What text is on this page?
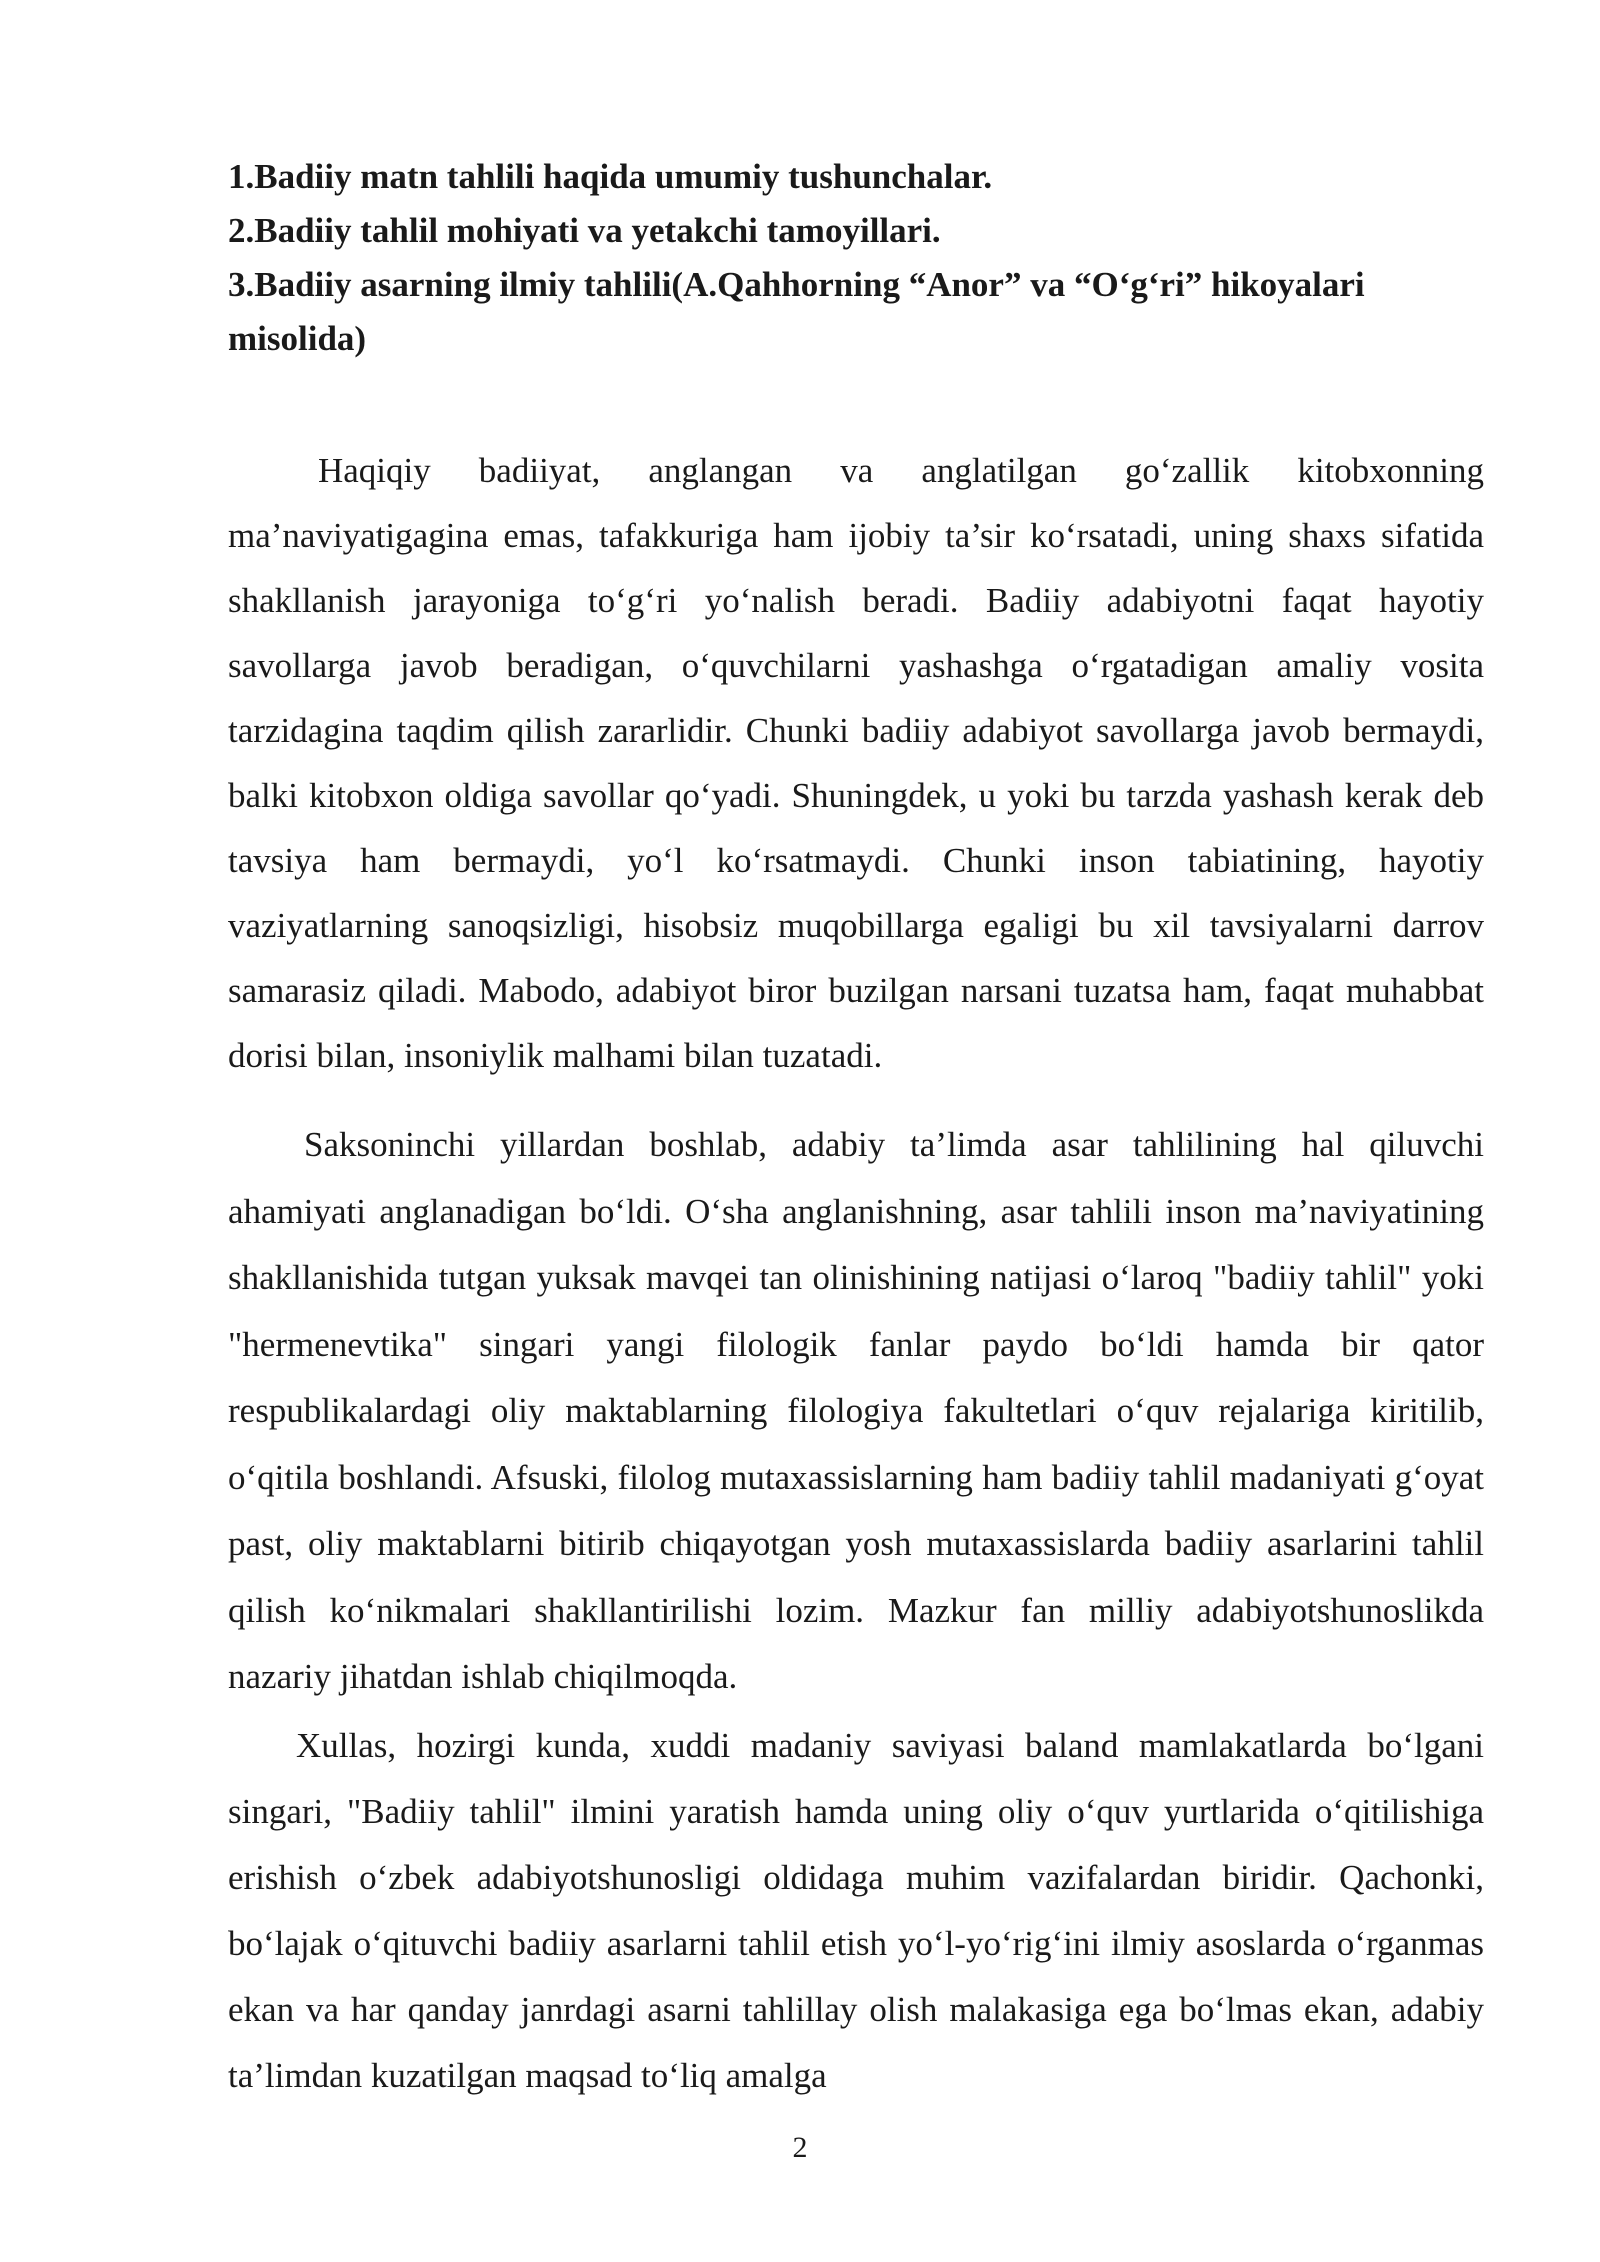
1.Badiiy matn tahlili haqida umumiy tushunchalar.

2.Badiiy tahlil mohiyati va yetakchi tamoyillari.

3.Badiiy asarning ilmiy tahlili(A.Qahhorning “Anor” va “O‘g‘ri” hikoyalari misolida)

Haqiqiy badiiyat, anglangan va anglatilgan go‘zallik kitobxonning ma’naviyatigagina emas, tafakkuriga ham ijobiy ta’sir ko‘rsatadi, uning shaxs sifatida shakllanish jarayoniga to‘g‘ri yo‘nalish beradi. Badiiy adabiyotni faqat hayotiy savollarga javob beradigan, o‘quvchilarni yashashga o‘rgatadigan amaliy vosita tarzidagina taqdim qilish zararlidir. Chunki badiiy adabiyot savollarga javob bermaydi, balki kitobxon oldiga savollar qo‘yadi. Shuningdek, u yoki bu tarzda yashash kerak deb tavsiya ham bermaydi, yo‘l ko‘rsatmaydi. Chunki inson tabiatining, hayotiy vaziyatlarning sanoqsizligi, hisobsiz muqobillarga egaligi bu xil tavsiyalarni darrov samarasiz qiladi. Mabodo, adabiyot biror buzilgan narsani tuzatsa ham, faqat muhabbat dorisi bilan, insoniylik malhami bilan tuzatadi.

Saksoninchi yillardan boshlab, adabiy ta’limda asar tahlilining hal qiluvchi ahamiyati anglanadigan bo‘ldi. O‘sha anglanishning, asar tahlili inson ma’naviyatining shakllanishida tutgan yuksak mavqei tan olinishining natijasi o‘laroq "badiiy tahlil" yoki "hermenevtika" singari yangi filologik fanlar paydo bo‘ldi hamda bir qator respublikalardagi oliy maktablarning filologiya fakultetlari o‘quv rejalariga kiritilib, o‘qitila boshlandi. Afsuski, filolog mutaxassislarning ham badiiy tahlil madaniyati g‘oyat past, oliy maktablarni bitirib chiqayotgan yosh mutaxassislarda badiiy asarlarini tahlil qilish ko‘nikmalari shakllantirilishi lozim. Mazkur fan milliy adabiyotshunoslikda nazariy jihatdan ishlab chiqilmoqda.

Xullas, hozirgi kunda, xuddi madaniy saviyasi baland mamlakatlarda bo‘lgani singari, "Badiiy tahlil" ilmini yaratish hamda uning oliy o‘quv yurtlarida o‘qitilishiga erishish o‘zbek adabiyotshunosligi oldidaga muhim vazifalardan biridir. Qachonki, bo‘lajak o‘qituvchi badiiy asarlarni tahlil etish yo‘l-yo‘rig‘ini ilmiy asoslarda o‘rganmas ekan va har qanday janrdagi asarni tahlillay olish malakasiga ega bo‘lmas ekan, adabiy ta’limdan kuzatilgan maqsad to‘liq amalga

2
